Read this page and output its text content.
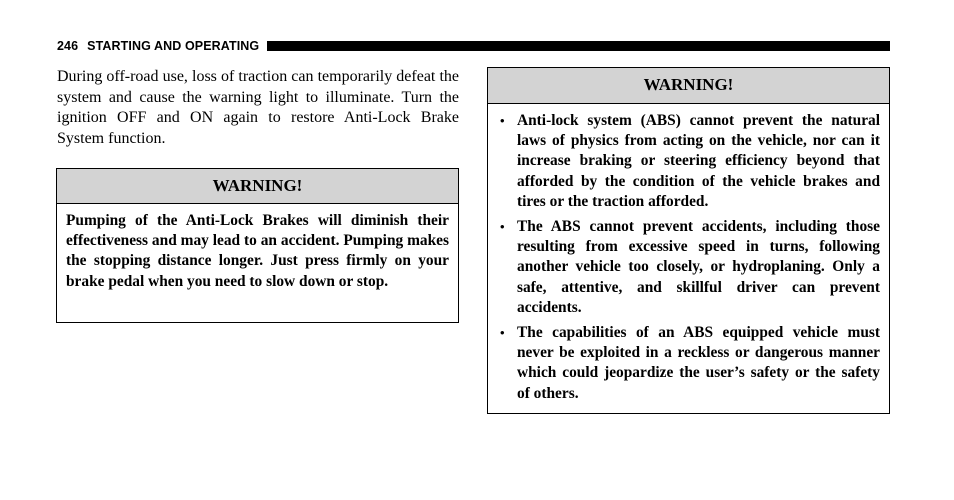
246 STARTING AND OPERATING

During off-road use, loss of traction can temporarily defeat the system and cause the warning light to illuminate. Turn the ignition OFF and ON again to restore Anti-Lock Brake System function.

WARNING!
Pumping of the Anti-Lock Brakes will diminish their effectiveness and may lead to an accident. Pumping makes the stopping distance longer. Just press firmly on your brake pedal when you need to slow down or stop.
WARNING!
• Anti-lock system (ABS) cannot prevent the natural laws of physics from acting on the vehicle, nor can it increase braking or steering efficiency beyond that afforded by the condition of the vehicle brakes and tires or the traction afforded.
• The ABS cannot prevent accidents, including those resulting from excessive speed in turns, following another vehicle too closely, or hydroplaning. Only a safe, attentive, and skillful driver can prevent accidents.
• The capabilities of an ABS equipped vehicle must never be exploited in a reckless or dangerous manner which could jeopardize the user’s safety or the safety of others.
